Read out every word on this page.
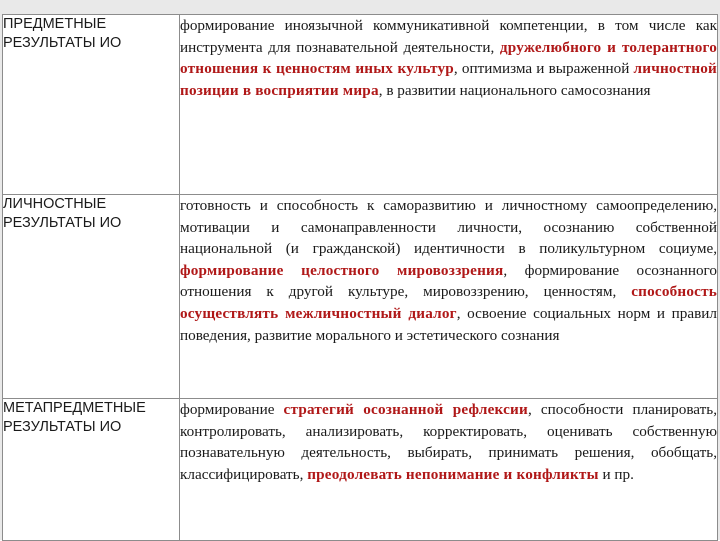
ПРЕДМЕТНЫЕ
РЕЗУЛЬТАТЫ ИО	формирование иноязычной коммуникативной компетенции, в том числе как инструмента для познавательной деятельности, дружелюбного и толерантного отношения к ценностям иных культур, оптимизма и выраженной личностной позиции в восприятии мира, в развитии национального самосознания

ЛИЧНОСТНЫЕ
РЕЗУЛЬТАТЫ ИО	готовность и способность к саморазвитию и личностному самоопределению, мотивации и самонаправленности личности, осознанию собственной национальной (и гражданской) идентичности в поликультурном социуме, формирование целостного мировоззрения, формирование осознанного отношения к другой культуре, мировоззрению, ценностям, способность осуществлять межличностный диалог, освоение социальных норм и правил поведения, развитие морального и эстетического сознания

МЕТАПРЕДМЕТНЫЕ
РЕЗУЛЬТАТЫ ИО	формирование стратегий осознанной рефлексии, способности планировать, контролировать, анализировать, корректировать, оценивать собственную познавательную деятельность, выбирать, принимать решения, обобщать, классифицировать, преодолевать непонимание и конфликты и пр.
